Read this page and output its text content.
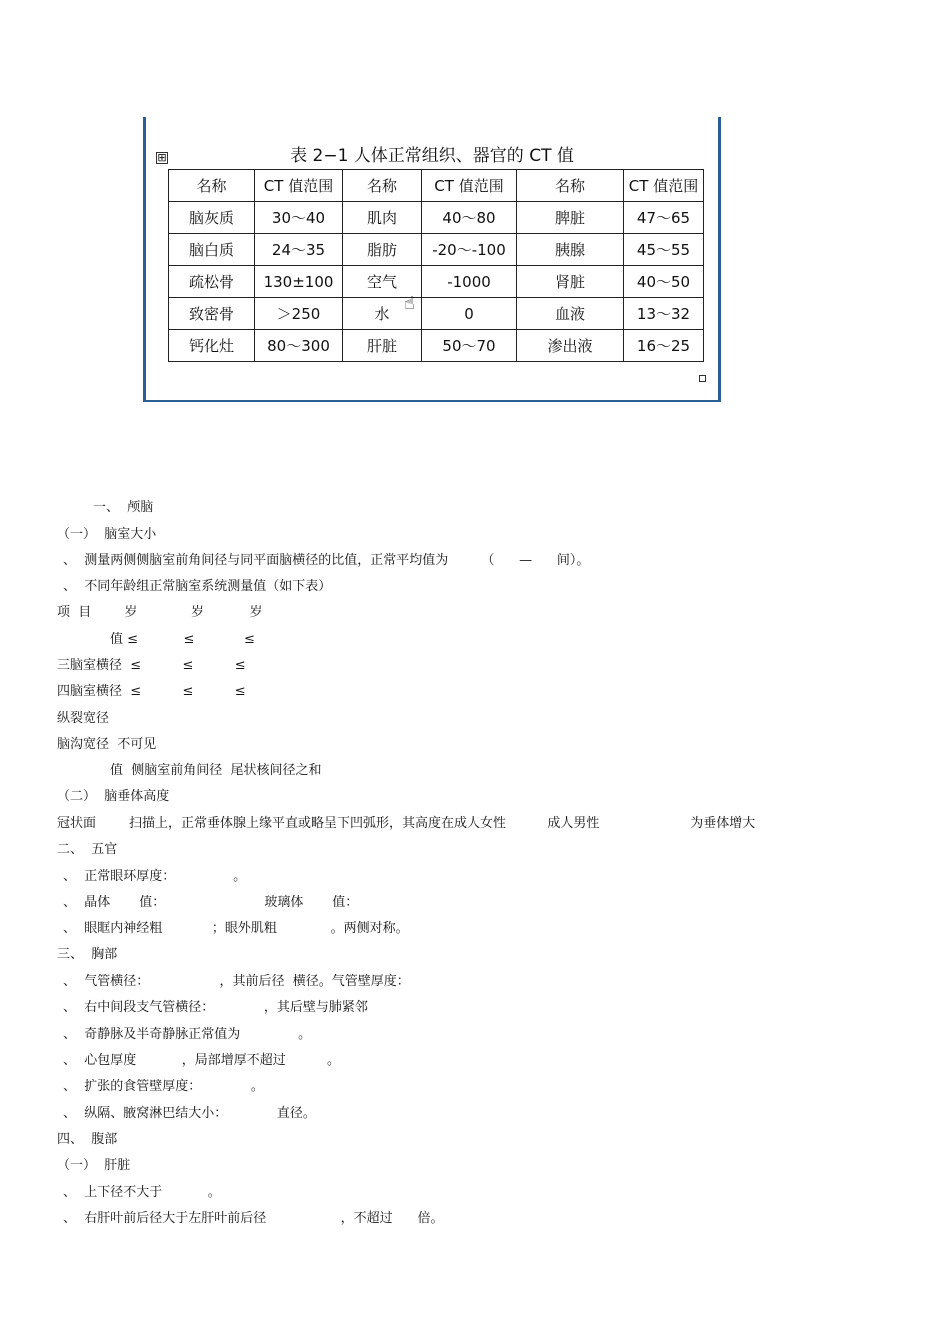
⊞	表 2−1 人体正常组织、器官的 CT 值
名称	CT 值范围	名称	CT 值范围	名称	CT 值范围
脑灰质	30～40	肌肉	40～80	脾脏	47～65
脑白质	24～35	脂肪	-20～-100	胰腺	45～55
疏松骨	130±100	空气	-1000	肾脏	40～50
致密骨	＞250	水	0	血液	13～32
钙化灶	80～300	肝脏	50～70	渗出液	16～25
☝
一、  颅脑
（一）  脑室大小
、  测量两侧侧脑室前角间径与同平面脑横径的比值，正常平均值为        （      —      间）。
、  不同年龄组正常脑室系统测量值（如下表）
项  目        岁             岁           岁
值 ≤           ≤            ≤
三脑室横径  ≤          ≤          ≤
四脑室横径  ≤          ≤          ≤
纵裂宽径
脑沟宽径  不可见
值  侧脑室前角间径  尾状核间径之和
（二）  脑垂体高度
冠状面        扫描上，正常垂体腺上缘平直或略呈下凹弧形，其高度在成人女性          成人男性                      为垂体增大
二、  五官
、  正常眼环厚度：              。
、  晶体       值：                        玻璃体       值：
、  眼眶内神经粗            ；眼外肌粗             。两侧对称。
三、  胸部
、  气管横径：                 ，其前后径  横径。气管壁厚度：
、  右中间段支气管横径：            ，其后壁与肺紧邻
、  奇静脉及半奇静脉正常值为              。
、  心包厚度           ，局部增厚不超过          。
、  扩张的食管壁厚度：            。
、  纵隔、腋窝淋巴结大小：            直径。
四、  腹部
（一）  肝脏
、  上下径不大于           。
、  右肝叶前后径大于左肝叶前后径                  ，不超过      倍。
